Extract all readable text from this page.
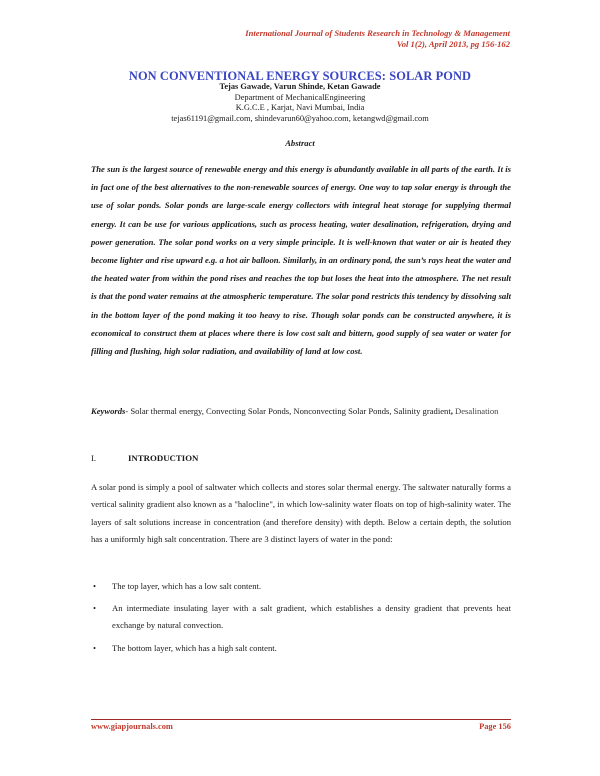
International Journal of Students Research in Technology & Management
Vol 1(2), April 2013, pg 156-162
NON CONVENTIONAL ENERGY SOURCES: SOLAR POND
Tejas Gawade, Varun Shinde, Ketan Gawade
Department of MechanicalEngineering
K.G.C.E , Karjat, Navi Mumbai, India
tejas61191@gmail.com, shindevarun60@yahoo.com, ketangwd@gmail.com
Abstract
The sun is the largest source of renewable energy and this energy is abundantly available in all parts of the earth. It is in fact one of the best alternatives to the non-renewable sources of energy. One way to tap solar energy is through the use of solar ponds. Solar ponds are large-scale energy collectors with integral heat storage for supplying thermal energy. It can be use for various applications, such as process heating, water desalination, refrigeration, drying and power generation. The solar pond works on a very simple principle. It is well-known that water or air is heated they become lighter and rise upward e.g. a hot air balloon. Similarly, in an ordinary pond, the sun’s rays heat the water and the heated water from within the pond rises and reaches the top but loses the heat into the atmosphere. The net result is that the pond water remains at the atmospheric temperature. The solar pond restricts this tendency by dissolving salt in the bottom layer of the pond making it too heavy to rise. Though solar ponds can be constructed anywhere, it is economical to construct them at places where there is low cost salt and bittern, good supply of sea water or water for filling and flushing, high solar radiation, and availability of land at low cost.
Keywords- Solar thermal energy, Convecting Solar Ponds, Nonconvecting Solar Ponds, Salinity gradient, Desalination
I.	INTRODUCTION
A solar pond is simply a pool of saltwater which collects and stores solar thermal energy. The saltwater naturally forms a vertical salinity gradient also known as a "halocline", in which low-salinity water floats on top of high-salinity water. The layers of salt solutions increase in concentration (and therefore density) with depth. Below a certain depth, the solution has a uniformly high salt concentration. There are 3 distinct layers of water in the pond:
• The top layer, which has a low salt content.
• An intermediate insulating layer with a salt gradient, which establishes a density gradient that prevents heat exchange by natural convection.
• The bottom layer, which has a high salt content.
www.giapjournals.com	Page 156
